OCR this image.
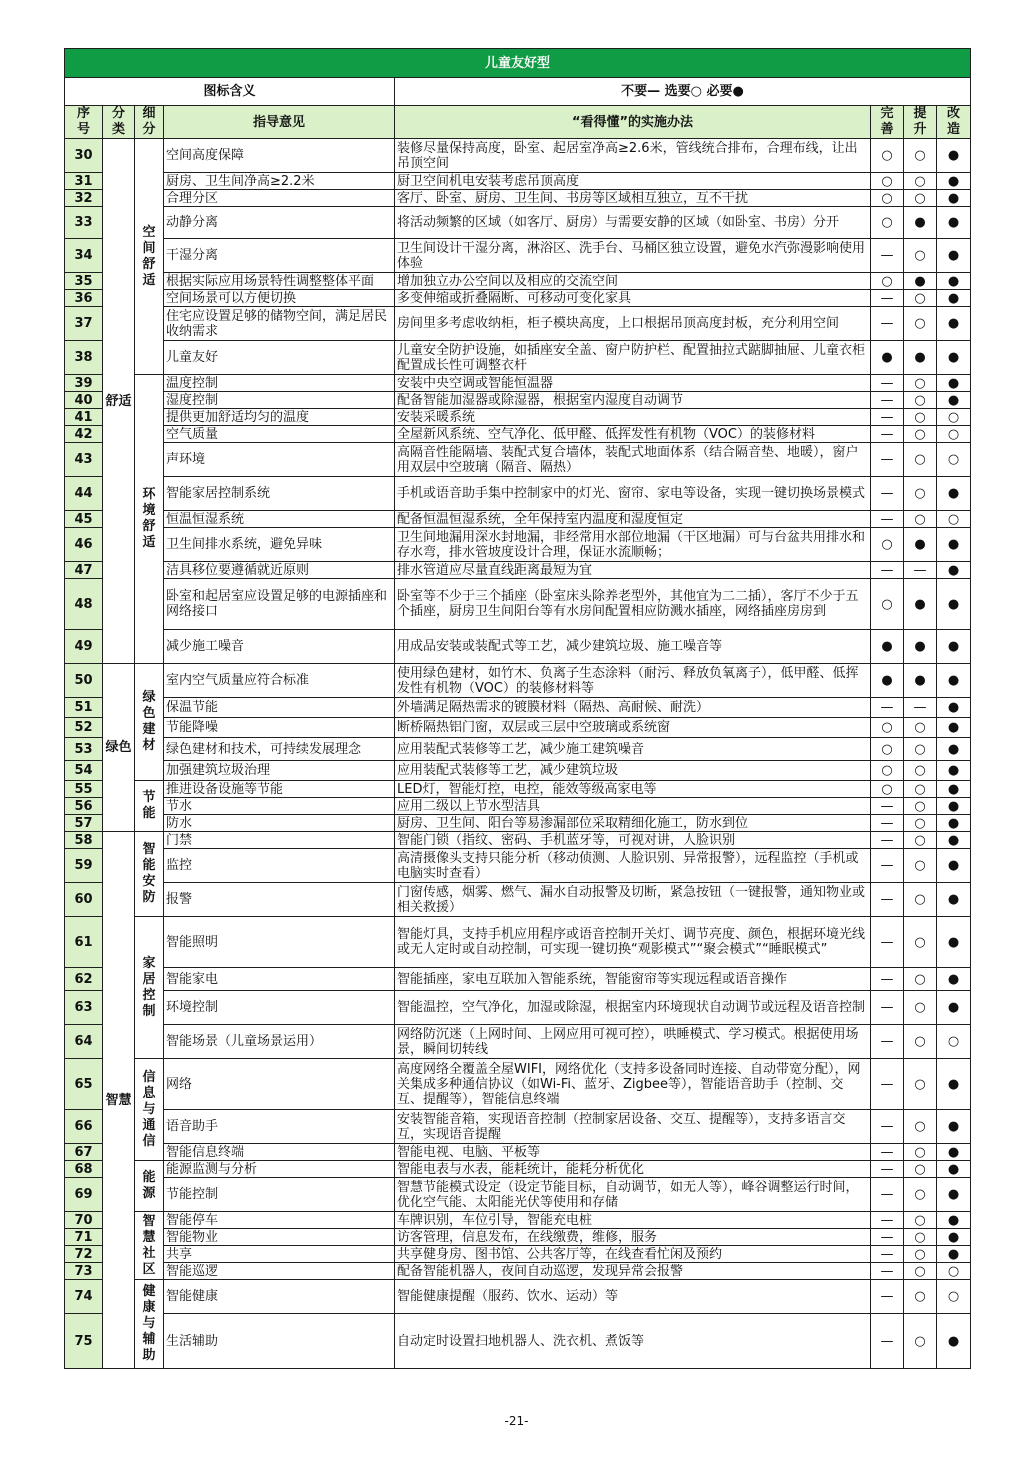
儿童友好型							
图标含义				不要— 选要○ 必要●			
序号	分类	细分	指导意见	“看得懂”的实施办法	完善	提升	改造
30	舒适	空间舒适	空间高度保障	装修尽量保持高度，卧室、起居室净高≥2.6米，管线统合排布，合理布线，让出吊顶空间	○	○	●
31			厨房、卫生间净高≥2.2米	厨卫空间机电安装考虑吊顶高度	○	○	●
32			合理分区	客厅、卧室、厨房、卫生间、书房等区域相互独立，互不干扰	○	○	●
33			动静分离	将活动频繁的区域（如客厅、厨房）与需要安静的区域（如卧室、书房）分开	○	●	●
34			干湿分离	卫生间设计干湿分离，淋浴区、洗手台、马桶区独立设置，避免水汽弥漫影响使用体验	—	○	●
35			根据实际应用场景特性调整整体平面	增加独立办公空间以及相应的交流空间	○	●	●
36			空间场景可以方便切换	多变伸缩或折叠隔断、可移动可变化家具	—	○	●
37			住宅应设置足够的储物空间，满足居民收纳需求	房间里多考虑收纳柜，柜子模块高度，上口根据吊顶高度封板，充分利用空间	—	○	●
38			儿童友好	儿童安全防护设施，如插座安全盖、窗户防护栏、配置抽拉式踮脚抽屉、儿童衣柜配置成长性可调整衣杆	●	●	●
39		环境舒适	温度控制	安装中央空调或智能恒温器	—	○	●
40			湿度控制	配备智能加湿器或除湿器，根据室内湿度自动调节	—	○	●
41			提供更加舒适均匀的温度	安装采暖系统	—	○	○
42			空气质量	全屋新风系统、空气净化、低甲醛、低挥发性有机物（VOC）的装修材料	—	○	○
43			声环境	高隔音性能隔墙、装配式复合墙体，装配式地面体系（结合隔音垫、地暖），窗户用双层中空玻璃（隔音、隔热）	—	○	○
44			智能家居控制系统	手机或语音助手集中控制家中的灯光、窗帘、家电等设备，实现一键切换场景模式	—	○	●
45			恒温恒湿系统	配备恒温恒湿系统，全年保持室内温度和湿度恒定	—	○	○
46			卫生间排水系统，避免异味	卫生间地漏用深水封地漏，非经常用水部位地漏（干区地漏）可与台盆共用排水和存水弯，排水管坡度设计合理，保证水流顺畅；	○	●	●
47			洁具移位要遵循就近原则	排水管道应尽量直线距离最短为宜	—	—	●
48			卧室和起居室应设置足够的电源插座和网络接口	卧室等不少于三个插座（卧室床头除养老型外，其他宜为二二插），客厅不少于五个插座，厨房卫生间阳台等有水房间配置相应防溅水插座，网络插座房房到	○	●	●
49			减少施工噪音	用成品安装或装配式等工艺，减少建筑垃圾、施工噪音等	●	●	●
50	绿色	绿色建材	室内空气质量应符合标准	使用绿色建材，如竹木、负离子生态涂料（耐污、释放负氧离子），低甲醛、低挥发性有机物（VOC）的装修材料等	●	●	●
51			保温节能	外墙满足隔热需求的镀膜材料（隔热、高耐候、耐洗）	—	—	●
52			节能降噪	断桥隔热铝门窗，双层或三层中空玻璃或系统窗	○	○	●
53			绿色建材和技术，可持续发展理念	应用装配式装修等工艺，减少施工建筑噪音	○	○	●
54			加强建筑垃圾治理	应用装配式装修等工艺，减少建筑垃圾	○	○	●
55		节能	推进设备设施等节能	LED灯，智能灯控，电控，能效等级高家电等	○	○	●
56			节水	应用二级以上节水型洁具	—	○	●
57			防水	厨房、卫生间、阳台等易渗漏部位采取精细化施工，防水到位	—	○	●
58	智慧	智能安防	门禁	智能门锁（指纹、密码、手机蓝牙等，可视对讲，人脸识别	—	○	●
59			监控	高清摄像头支持只能分析（移动侦测、人脸识别、异常报警），远程监控（手机或电脑实时查看）	—	○	●
60			报警	门窗传感，烟雾、燃气、漏水自动报警及切断，紧急按钮（一键报警，通知物业或相关救援）	—	○	●
61		家居控制	智能照明	智能灯具，支持手机应用程序或语音控制开关灯、调节亮度、颜色，根据环境光线或无人定时或自动控制，可实现一键切换“观影模式”“聚会模式”“睡眠模式”	—	○	●
62			智能家电	智能插座，家电互联加入智能系统，智能窗帘等实现远程或语音操作	—	○	●
63			环境控制	智能温控，空气净化，加湿或除湿，根据室内环境现状自动调节或远程及语音控制	—	○	●
64			智能场景（儿童场景运用）	网络防沉迷（上网时间、上网应用可视可控），哄睡模式、学习模式。根据使用场景，瞬间切转线	—	○	○
65		信息与通信	网络	高度网络全覆盖全屋WIFI，网络优化（支持多设备同时连接、自动带宽分配），网关集成多种通信协议（如Wi-Fi、蓝牙、Zigbee等），智能语音助手（控制、交互、提醒等），智能信息终端	—	○	●
66			语音助手	安装智能音箱，实现语音控制（控制家居设备、交互、提醒等），支持多语言交互，实现语音提醒	—	○	●
67			智能信息终端	智能电视、电脑、平板等	—	○	●
68		能源	能源监测与分析	智能电表与水表，能耗统计，能耗分析优化	—	○	●
69			节能控制	智慧节能模式设定（设定节能目标，自动调节，如无人等），峰谷调整运行时间，优化空气能、太阳能光伏等使用和存储	—	○	●
70		智慧社区	智能停车	车牌识别，车位引导，智能充电桩	—	○	●
71			智能物业	访客管理，信息发布，在线缴费，维修，服务	—	○	●
72			共享	共享健身房、图书馆、公共客厅等，在线查看忙闲及预约	—	○	●
73			智能巡逻	配备智能机器人，夜间自动巡逻，发现异常会报警	—	○	○
74		健康与辅助	智能健康	智能健康提醒（服药、饮水、运动）等	—	○	○
75			生活辅助	自动定时设置扫地机器人、洗衣机、煮饭等	—	○	●
-21-
